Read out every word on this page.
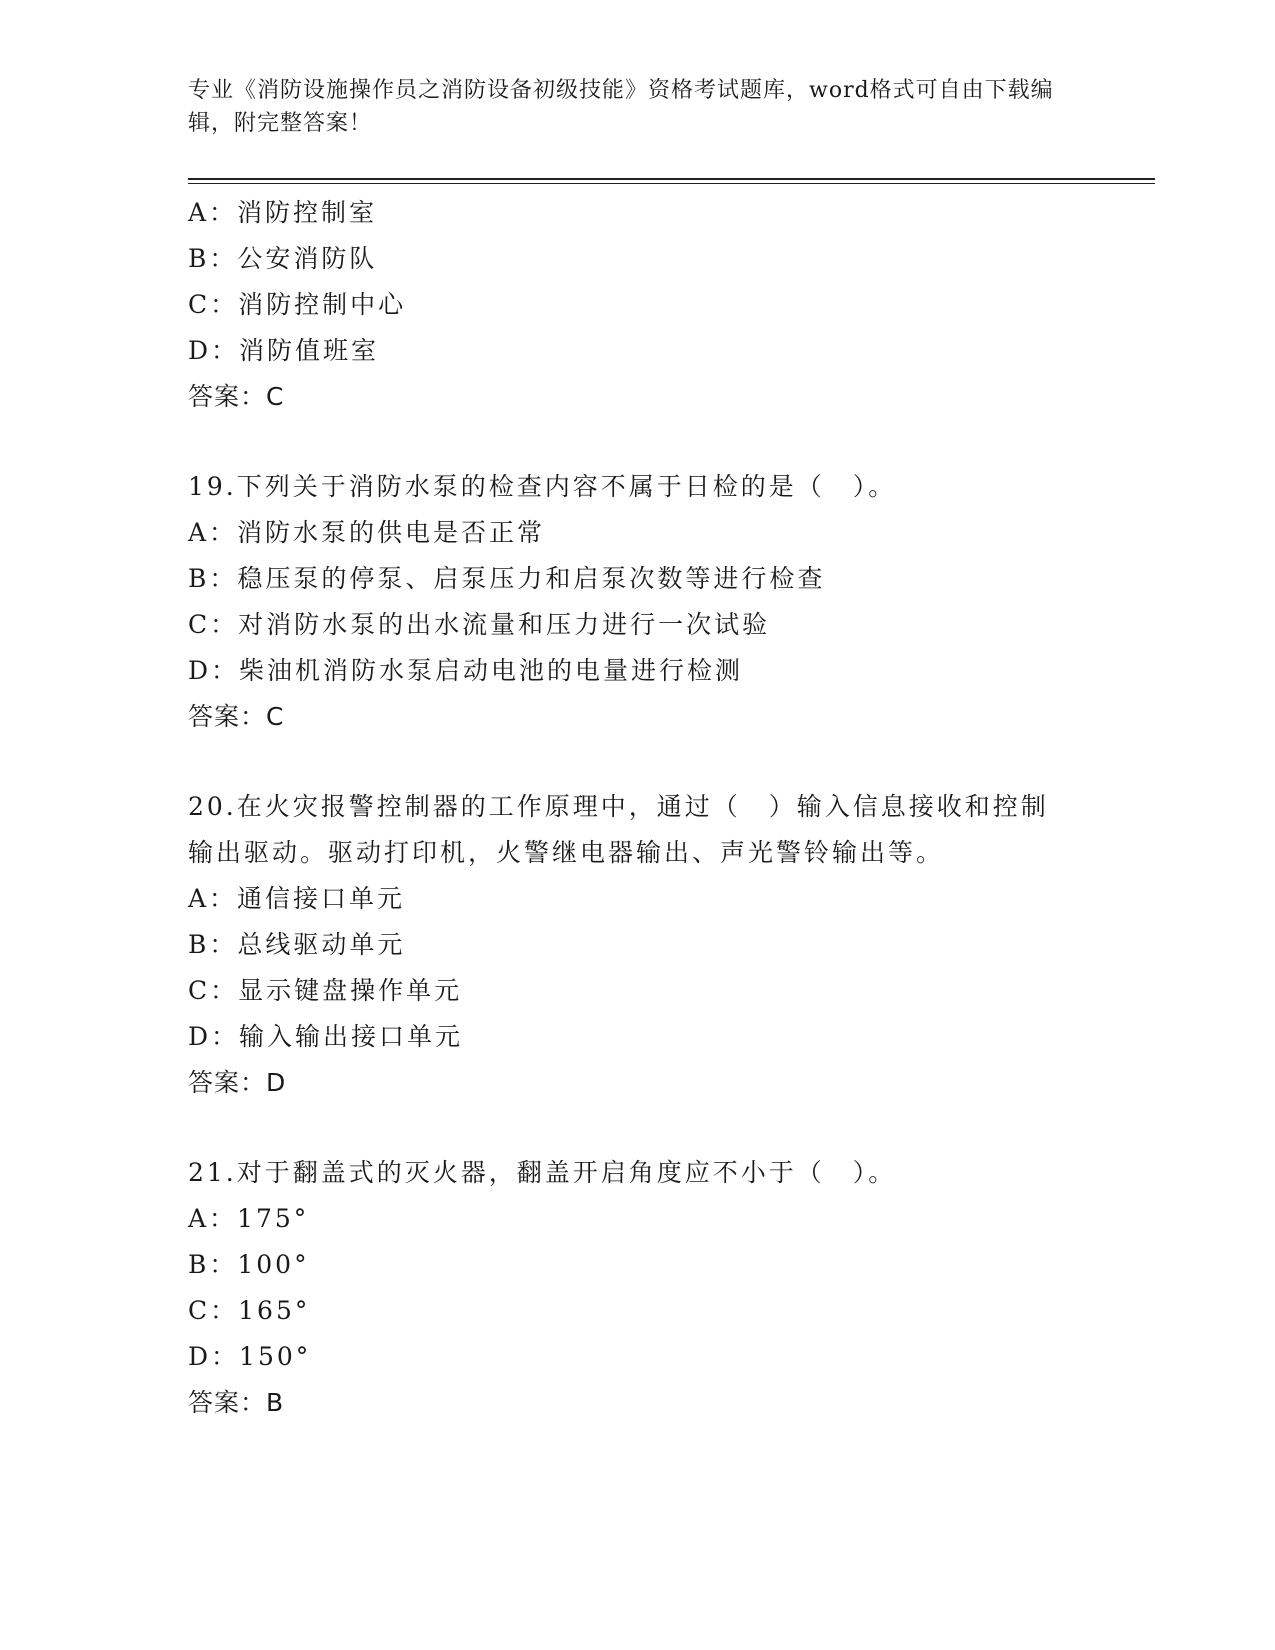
专业《消防设施操作员之消防设备初级技能》资格考试题库，word格式可自由下载编辑，附完整答案！
A：消防控制室
B：公安消防队
C：消防控制中心
D：消防值班室
答案：C
19.下列关于消防水泵的检查内容不属于日检的是（　）。
A：消防水泵的供电是否正常
B：稳压泵的停泵、启泵压力和启泵次数等进行检查
C：对消防水泵的出水流量和压力进行一次试验
D：柴油机消防水泵启动电池的电量进行检测
答案：C
20.在火灾报警控制器的工作原理中，通过（　）输入信息接收和控制输出驱动。驱动打印机，火警继电器输出、声光警铃输出等。
A：通信接口单元
B：总线驱动单元
C：显示键盘操作单元
D：输入输出接口单元
答案：D
21.对于翻盖式的灭火器，翻盖开启角度应不小于（　）。
A：175°
B：100°
C：165°
D：150°
答案：B
